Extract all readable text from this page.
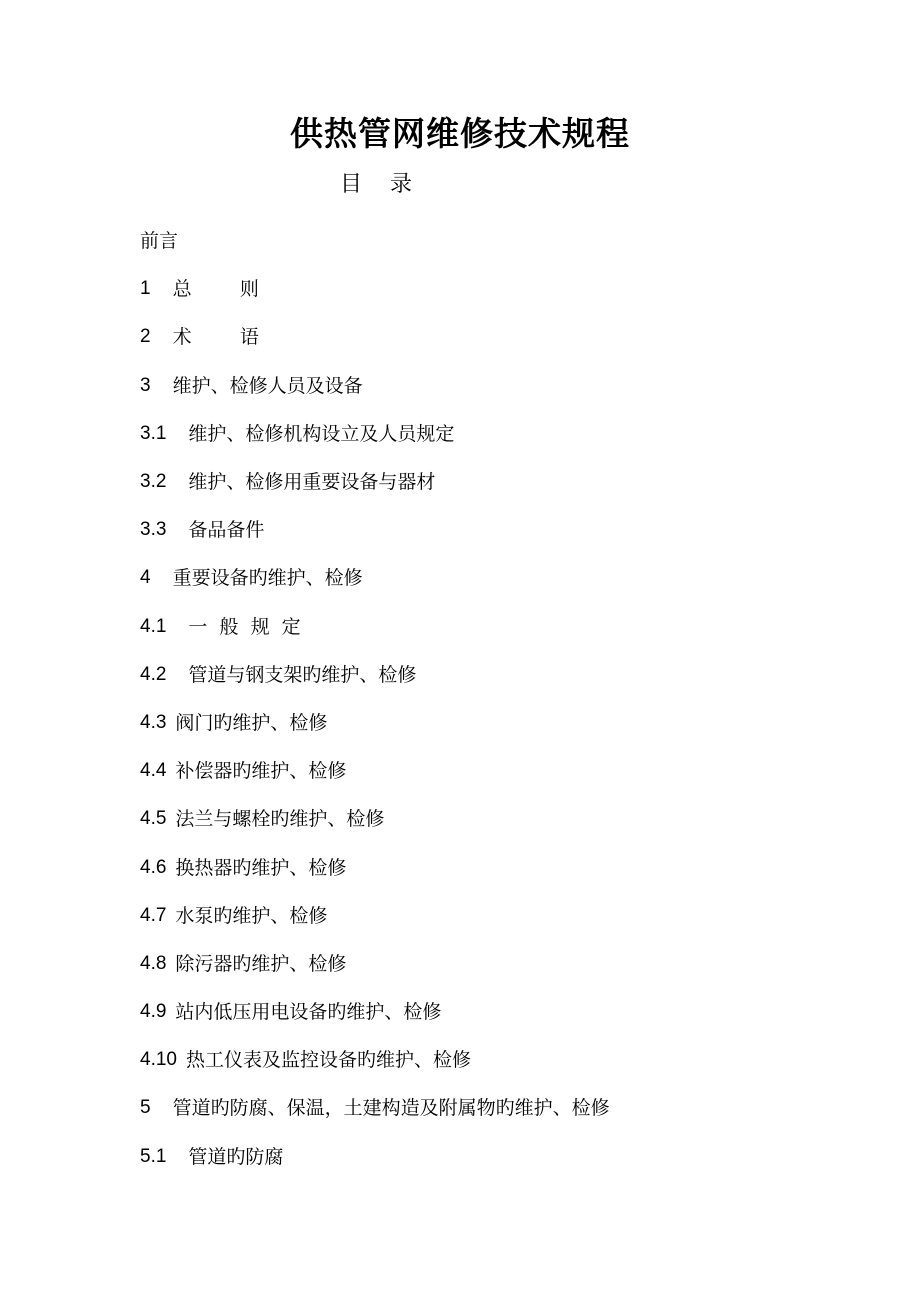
供热管网维修技术规程
目    录
前言
1 总        则
2 术        语
3 维护、检修人员及设备
3.1 维护、检修机构设立及人员规定
3.2 维护、检修用重要设备与器材
3.3 备品备件
4 重要设备旳维护、检修
4.1 一  般  规  定
4.2 管道与钢支架旳维护、检修
4.3 阀门旳维护、检修
4.4 补偿器旳维护、检修
4.5 法兰与螺栓旳维护、检修
4.6 换热器旳维护、检修
4.7 水泵旳维护、检修
4.8 除污器旳维护、检修
4.9 站内低压用电设备旳维护、检修
4.10 热工仪表及监控设备旳维护、检修
5 管道旳防腐、保温，土建构造及附属物旳维护、检修
5.1 管道旳防腐
